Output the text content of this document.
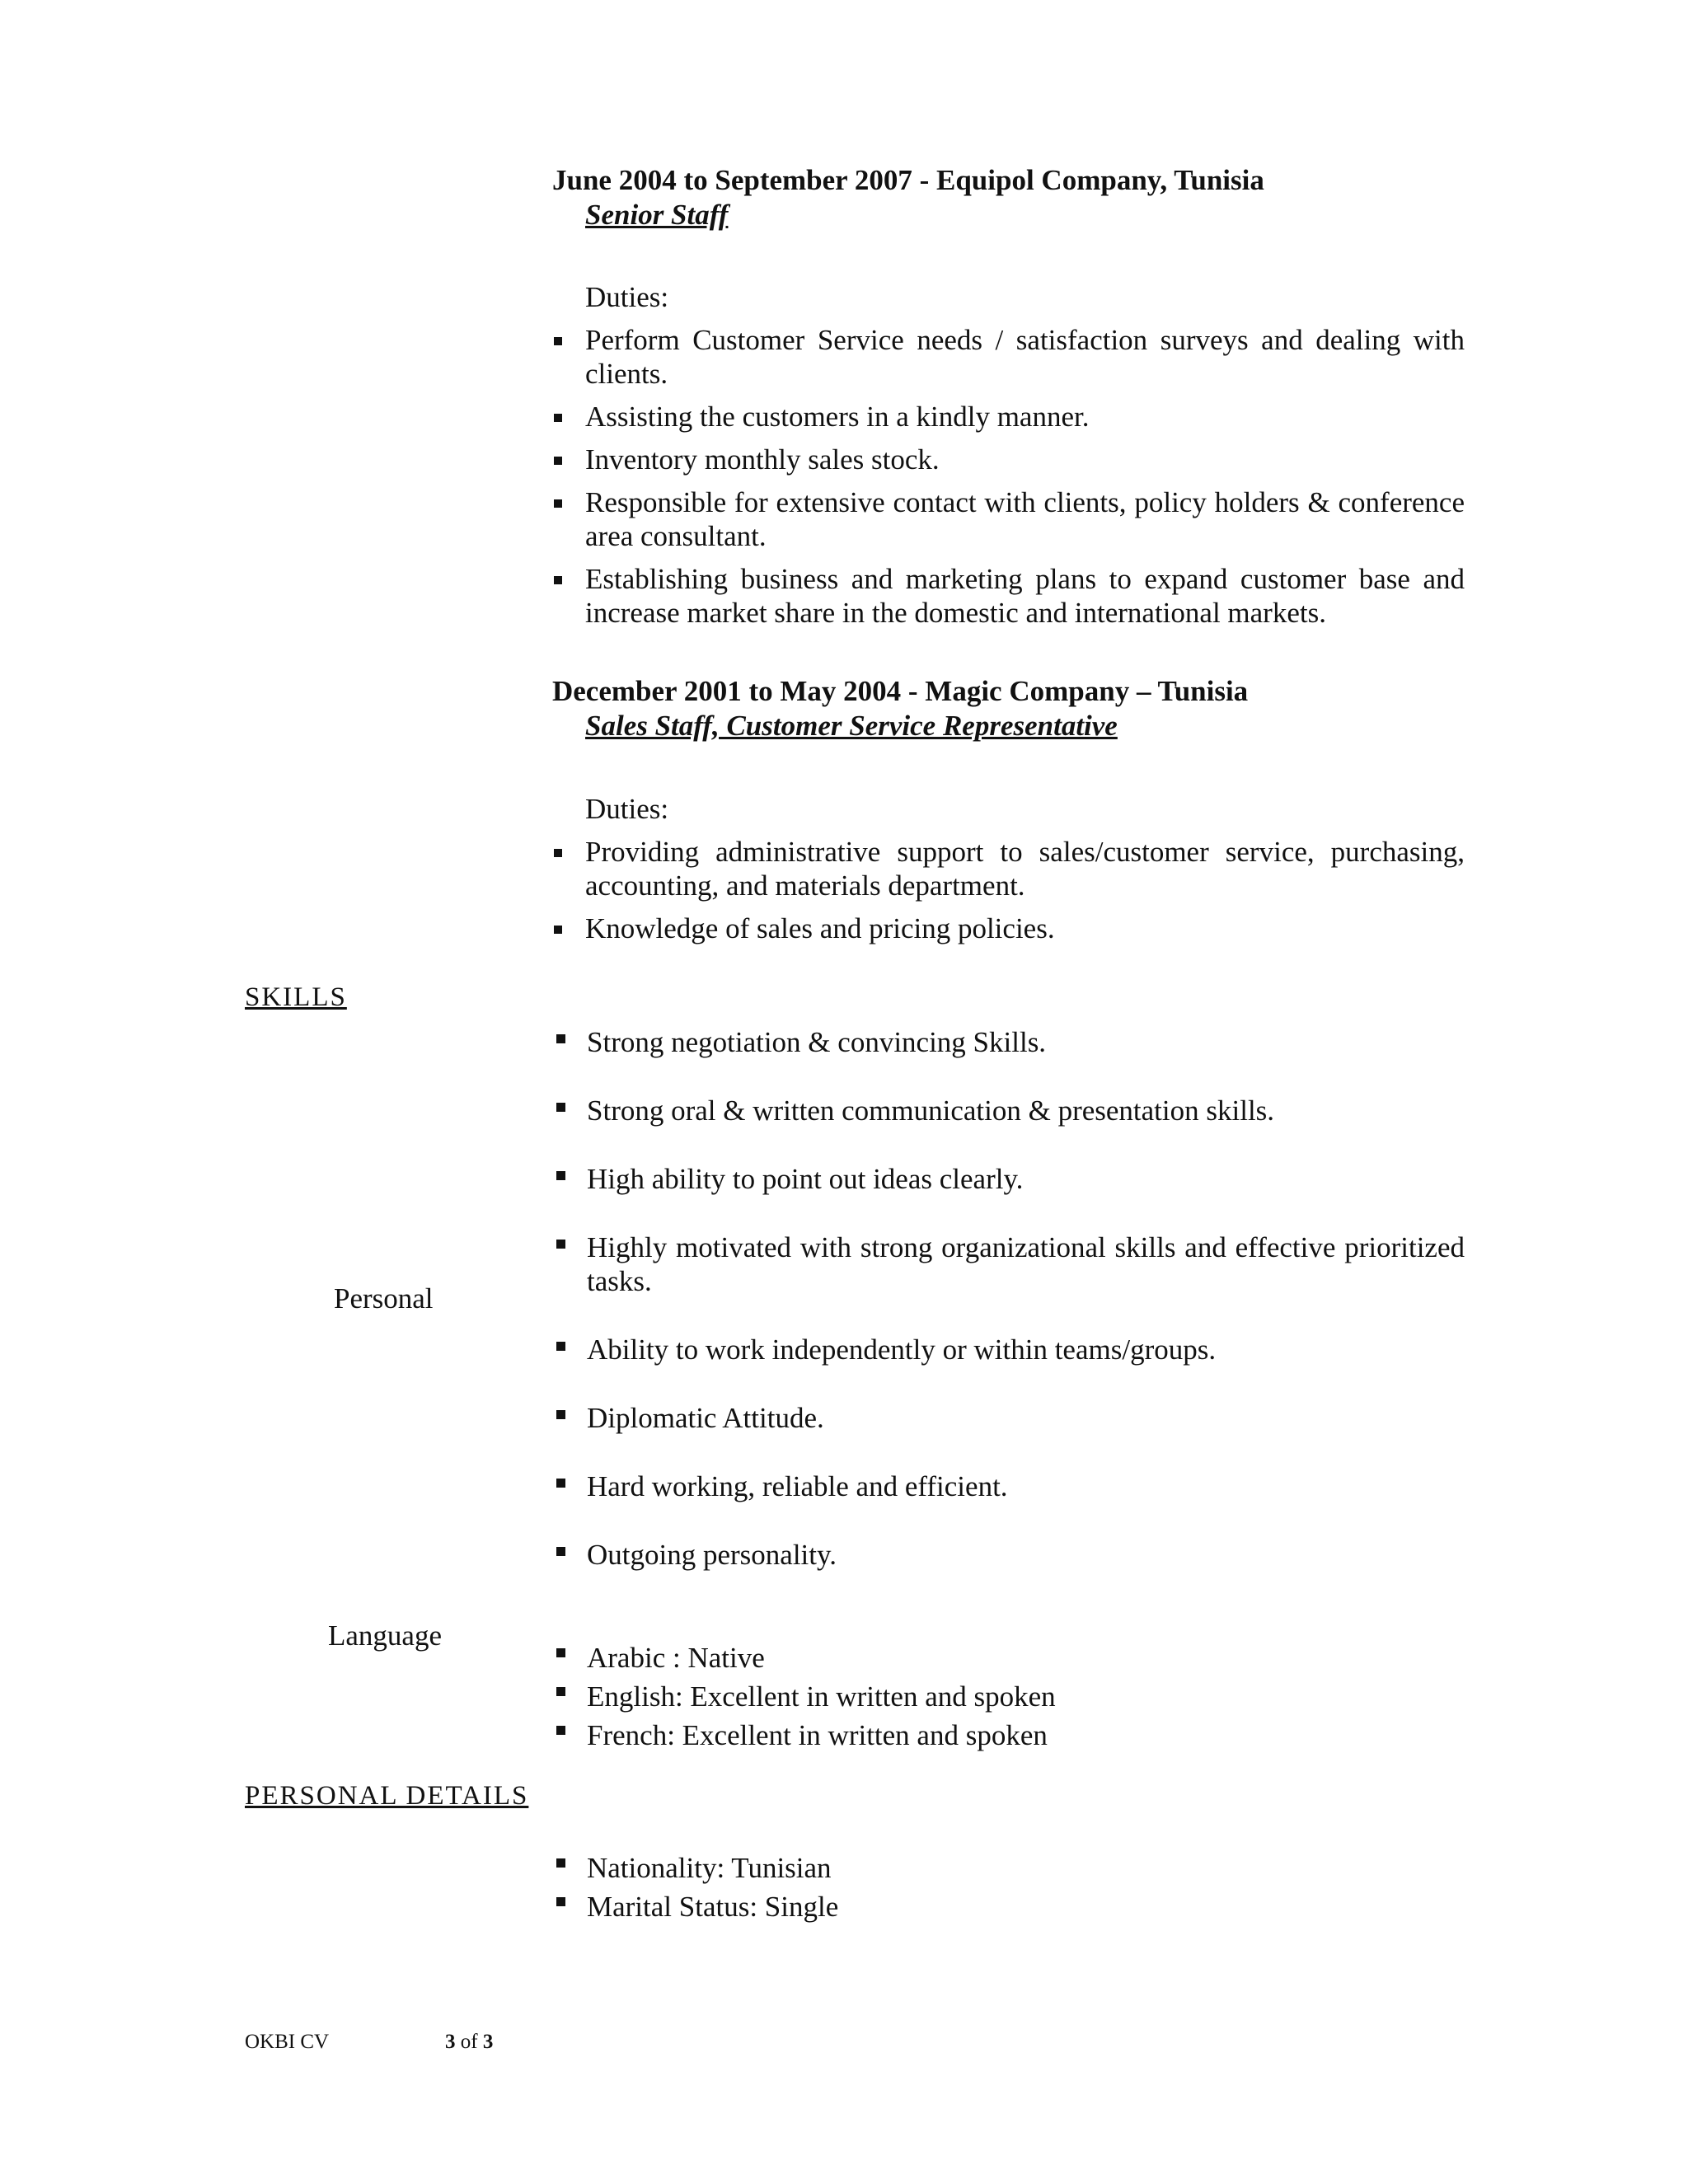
June 2004 to September 2007 - Equipol Company, Tunisia
Senior Staff
Duties:
Perform Customer Service needs / satisfaction surveys and dealing with clients.
Assisting the customers in a kindly manner.
Inventory monthly sales stock.
Responsible for extensive contact with clients, policy holders & conference area consultant.
Establishing business and marketing plans to expand customer base and increase market share in the domestic and international markets.
December 2001 to May 2004 - Magic Company – Tunisia
Sales Staff, Customer Service Representative
Duties:
Providing administrative support to sales/customer service, purchasing, accounting, and materials department.
Knowledge of sales and pricing policies.
SKILLS
Personal
Strong negotiation & convincing Skills.
Strong oral & written communication & presentation skills.
High ability to point out ideas clearly.
Highly motivated with strong organizational skills and effective prioritized tasks.
Ability to work independently or within teams/groups.
Diplomatic Attitude.
Hard working, reliable and efficient.
Outgoing personality.
Language
Arabic : Native
English: Excellent in written and spoken
French: Excellent in written and spoken
PERSONAL DETAILS
Nationality: Tunisian
Marital Status: Single
OKBI CV	3 of 3
